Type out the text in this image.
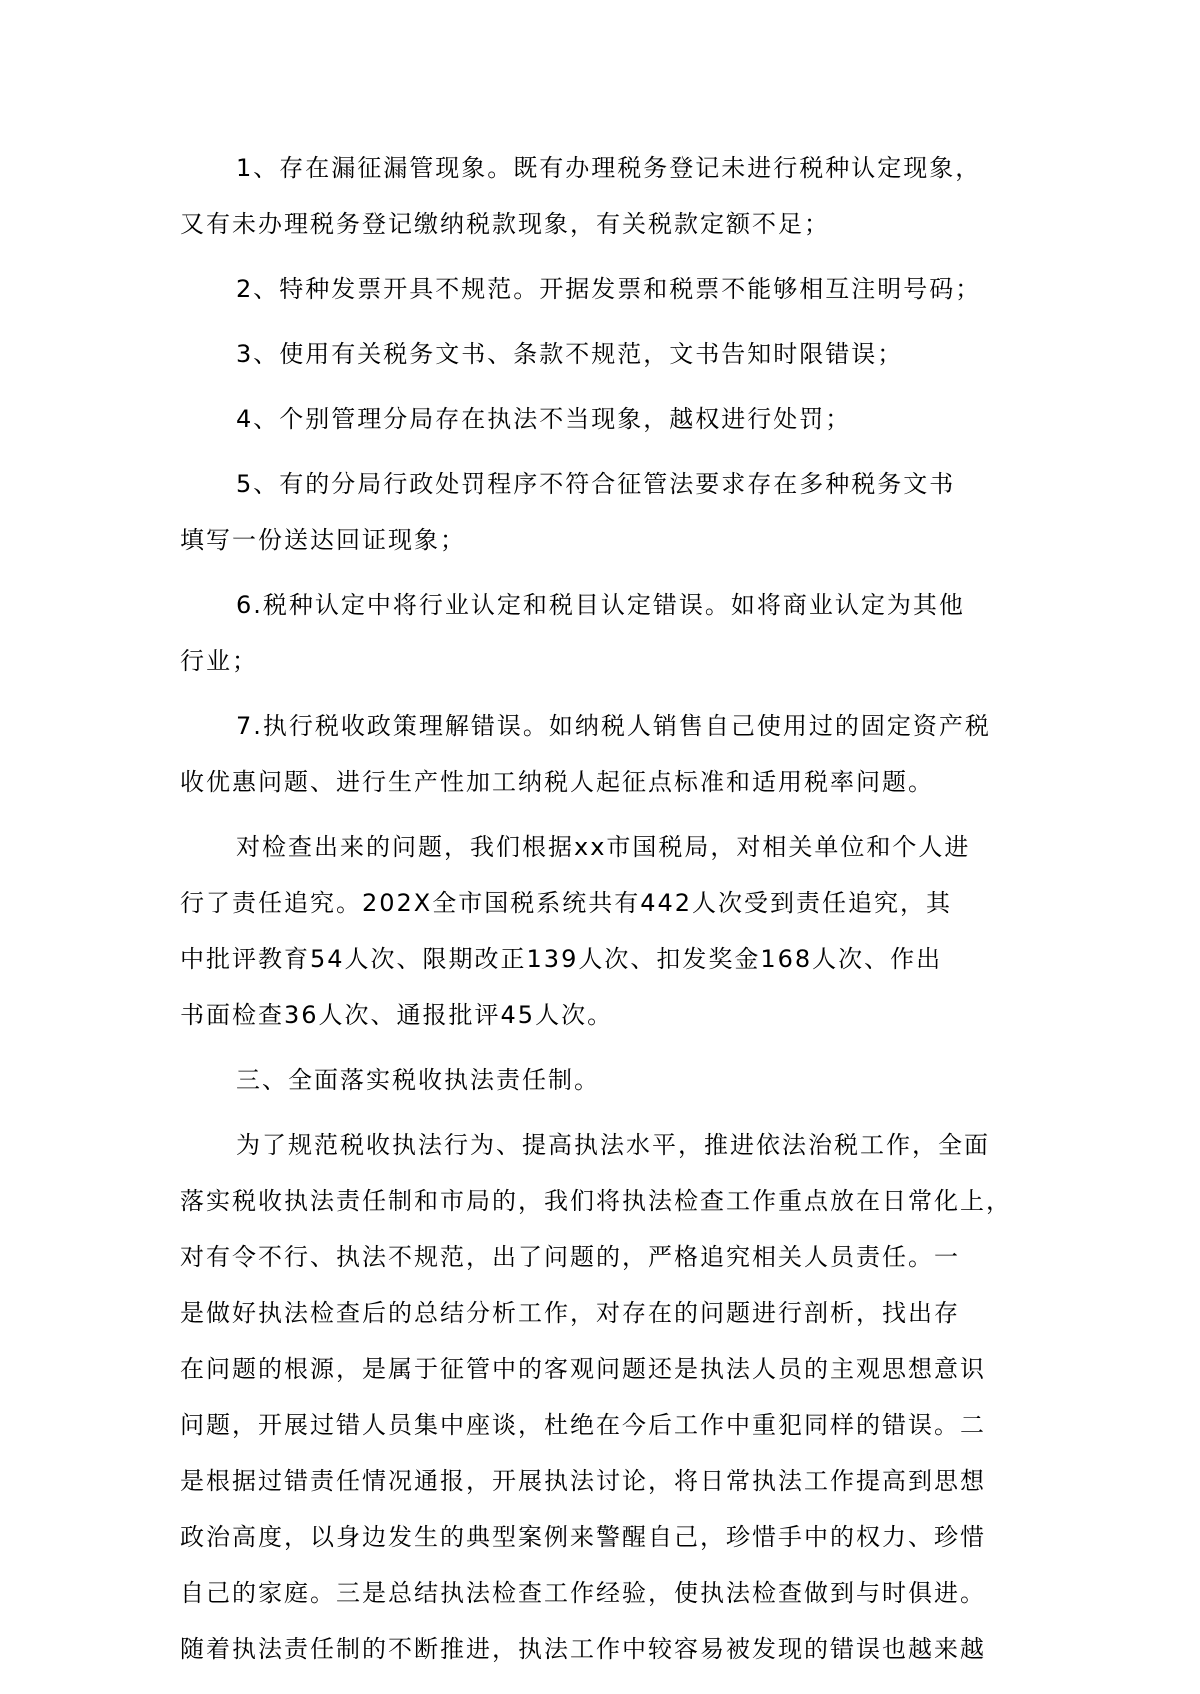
1、存在漏征漏管现象。既有办理税务登记未进行税种认定现象，
又有未办理税务登记缴纳税款现象，有关税款定额不足；
2、特种发票开具不规范。开据发票和税票不能够相互注明号码；
3、使用有关税务文书、条款不规范，文书告知时限错误；
4、个别管理分局存在执法不当现象，越权进行处罚；
5、有的分局行政处罚程序不符合征管法要求存在多种税务文书
填写一份送达回证现象；
6.税种认定中将行业认定和税目认定错误。如将商业认定为其他
行业；
7.执行税收政策理解错误。如纳税人销售自己使用过的固定资产税
收优惠问题、进行生产性加工纳税人起征点标准和适用税率问题。
对检查出来的问题，我们根据xx市国税局，对相关单位和个人进
行了责任追究。202X全市国税系统共有442人次受到责任追究，其
中批评教育54人次、限期改正139人次、扣发奖金168人次、作出
书面检查36人次、通报批评45人次。
三、全面落实税收执法责任制。
为了规范税收执法行为、提高执法水平，推进依法治税工作，全面
落实税收执法责任制和市局的，我们将执法检查工作重点放在日常化上，
对有令不行、执法不规范，出了问题的，严格追究相关人员责任。一
是做好执法检查后的总结分析工作，对存在的问题进行剖析，找出存
在问题的根源，是属于征管中的客观问题还是执法人员的主观思想意识
问题，开展过错人员集中座谈，杜绝在今后工作中重犯同样的错误。二
是根据过错责任情况通报，开展执法讨论，将日常执法工作提高到思想
政治高度，以身边发生的典型案例来警醒自己，珍惜手中的权力、珍惜
自己的家庭。三是总结执法检查工作经验，使执法检查做到与时俱进。
随着执法责任制的不断推进，执法工作中较容易被发现的错误也越来越
